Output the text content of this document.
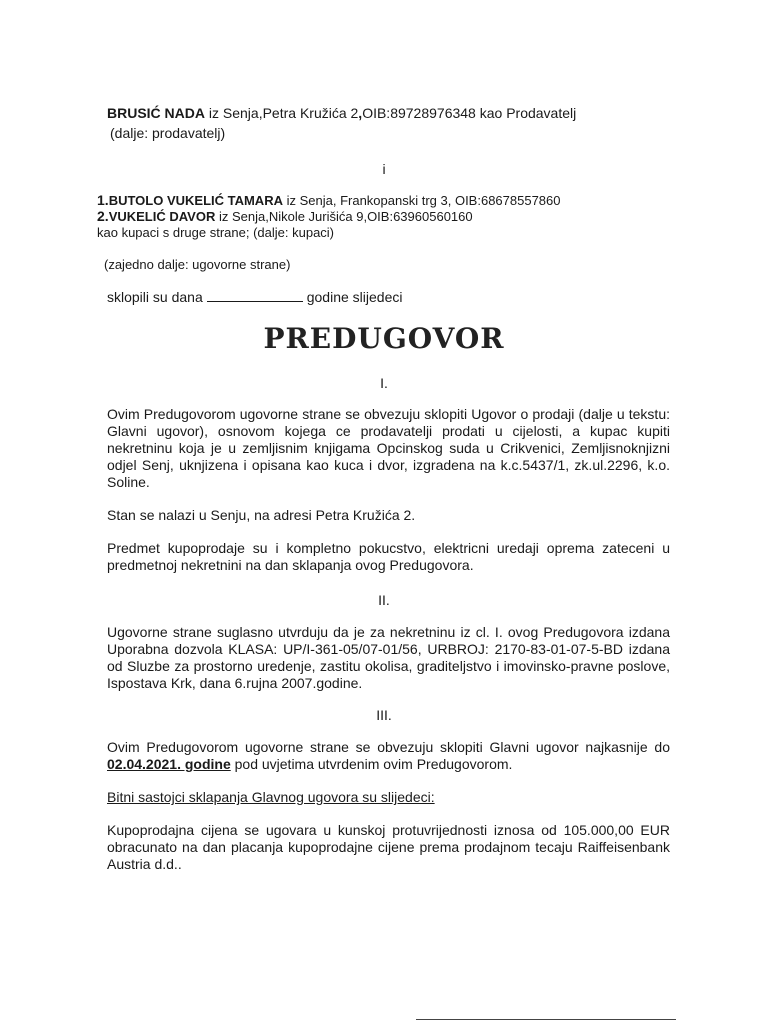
BRUSIĆ NADA iz Senja,Petra Kružića 2,OIB:89728976348 kao Prodavatelj
(dalje: prodavatelj)
i
1.BUTOLO VUKELIĆ TAMARA iz Senja, Frankopanski trg 3, OIB:68678557860
2.VUKELIĆ DAVOR iz Senja,Nikole Jurišića 9,OIB:63960560160
kao kupaci s druge strane; (dalje: kupaci)
(zajedno dalje: ugovorne strane)
sklopili su dana	godine slijedeci
PREDUGOVOR
I.
Ovim Predugovorom ugovorne strane se obvezuju sklopiti Ugovor o prodaji (dalje u tekstu: Glavni ugovor), osnovom kojega ce prodavatelji prodati u cijelosti, a kupac kupiti nekretninu koja je u zemljisnim knjigama Opcinskog suda u Crikvenici, Zemljisnoknjizni odjel Senj, uknjizena i opisana kao kuca i dvor, izgradena na k.c.5437/1, zk.ul.2296, k.o. Soline.
Stan se nalazi u Senju, na adresi Petra Kružića 2.
Predmet kupoprodaje su i kompletno pokucstvo, elektricni uredaji oprema zateceni u predmetnoj nekretnini na dan sklapanja ovog Predugovora.
II.
Ugovorne strane suglasno utvrduju da je za nekretninu iz cl. I. ovog Predugovora izdana Uporabna dozvola KLASA: UP/I-361-05/07-01/56, URBROJ: 2170-83-01-07-5-BD izdana od Sluzbe za prostorno uredenje, zastitu okolisa, graditeljstvo i imovinsko-pravne poslove, Ispostava Krk, dana 6.rujna 2007.godine.
III.
Ovim Predugovorom ugovorne strane se obvezuju sklopiti Glavni ugovor najkasnije do 02.04.2021. godine pod uvjetima utvrdenim ovim Predugovorom.
Bitni sastojci sklapanja Glavnog ugovora su slijedeci:
Kupoprodajna cijena se ugovara u kunskoj protuvrijednosti iznosa od 105.000,00 EUR obracunato na dan placanja kupoprodajne cijene prema prodajnom tecaju Raiffeisenbank Austria d.d..
